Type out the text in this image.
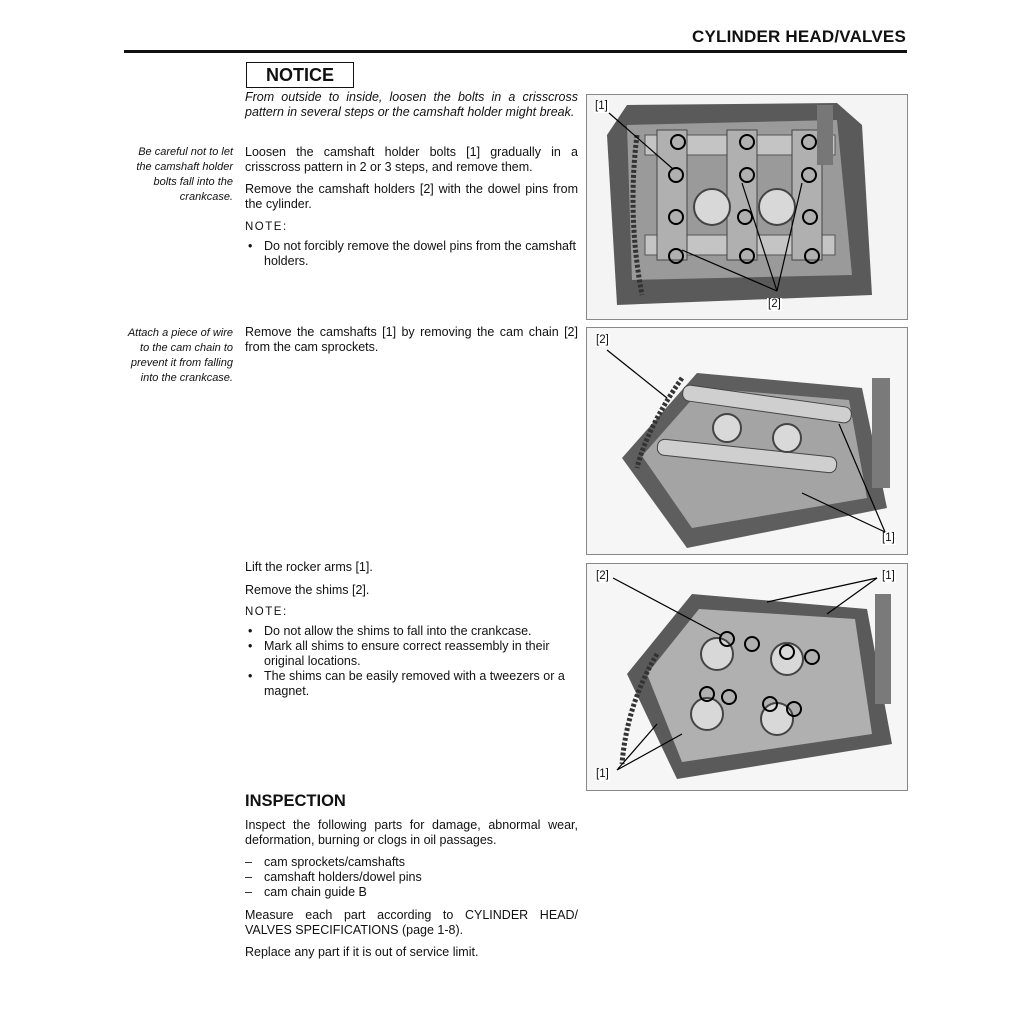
CYLINDER HEAD/VALVES
NOTICE
From outside to inside, loosen the bolts in a crisscross pattern in several steps or the camshaft holder might break.
Be careful not to let the camshaft holder bolts fall into the crankcase.
Loosen the camshaft holder bolts [1] gradually in a crisscross pattern in 2 or 3 steps, and remove them.
Remove the camshaft holders [2] with the dowel pins from the cylinder.
NOTE:
• Do not forcibly remove the dowel pins from the camshaft holders.
Attach a piece of wire to the cam chain to prevent it from falling into the crankcase.
Remove the camshafts [1] by removing the cam chain [2] from the cam sprockets.
Lift the rocker arms [1].
Remove the shims [2].
NOTE:
• Do not allow the shims to fall into the crankcase.
• Mark all shims to ensure correct reassembly in their original locations.
• The shims can be easily removed with a tweezers or a magnet.
INSPECTION
Inspect the following parts for damage, abnormal wear, deformation, burning or clogs in oil passages.
– cam sprockets/camshafts
– camshaft holders/dowel pins
– cam chain guide B
Measure each part according to CYLINDER HEAD/ VALVES SPECIFICATIONS (page 1-8).
Replace any part if it is out of service limit.
[1]
[2]
[2]
[1]
[2]	[1]
[1]
